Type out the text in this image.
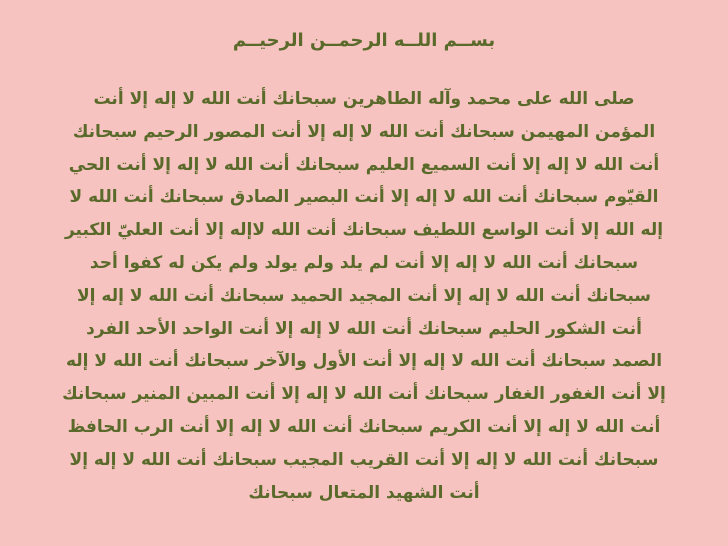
بســم اللــه الرحمــن الرحيــم
صلى الله على محمد وآله الطاهرين سبحانك أنت الله لا إله إلا أنت
المؤمن المهيمن سبحانك أنت الله لا إله إلا أنت المصور الرحيم سبحانك
أنت الله لا إله إلا أنت السميع العليم سبحانك أنت الله لا إله إلا أنت الحي
القيّوم سبحانك أنت الله لا إله إلا أنت البصير الصادق سبحانك أنت الله لا
إله الله إلا أنت الواسع اللطيف سبحانك أنت الله لاإله إلا أنت العليّ الكبير
سبحانك أنت الله لا إله إلا أنت لم يلد ولم يولد ولم يكن له كفوا أحد
سبحانك أنت الله لا إله إلا أنت المجيد الحميد سبحانك أنت الله لا إله إلا
أنت الشكور الحليم سبحانك أنت الله لا إله إلا أنت الواحد الأحد الفرد
الصمد سبحانك أنت الله لا إله إلا أنت الأول والآخر سبحانك أنت الله لا إله
إلا أنت الغفور الغفار سبحانك أنت الله لا إله إلا أنت المبين المنير سبحانك
أنت الله لا إله إلا أنت الكريم سبحانك أنت الله لا إله إلا أنت الرب الحافظ
سبحانك أنت الله لا إله إلا أنت القريب المجيب سبحانك أنت الله لا إله إلا
أنت الشهيد المتعال سبحانك
